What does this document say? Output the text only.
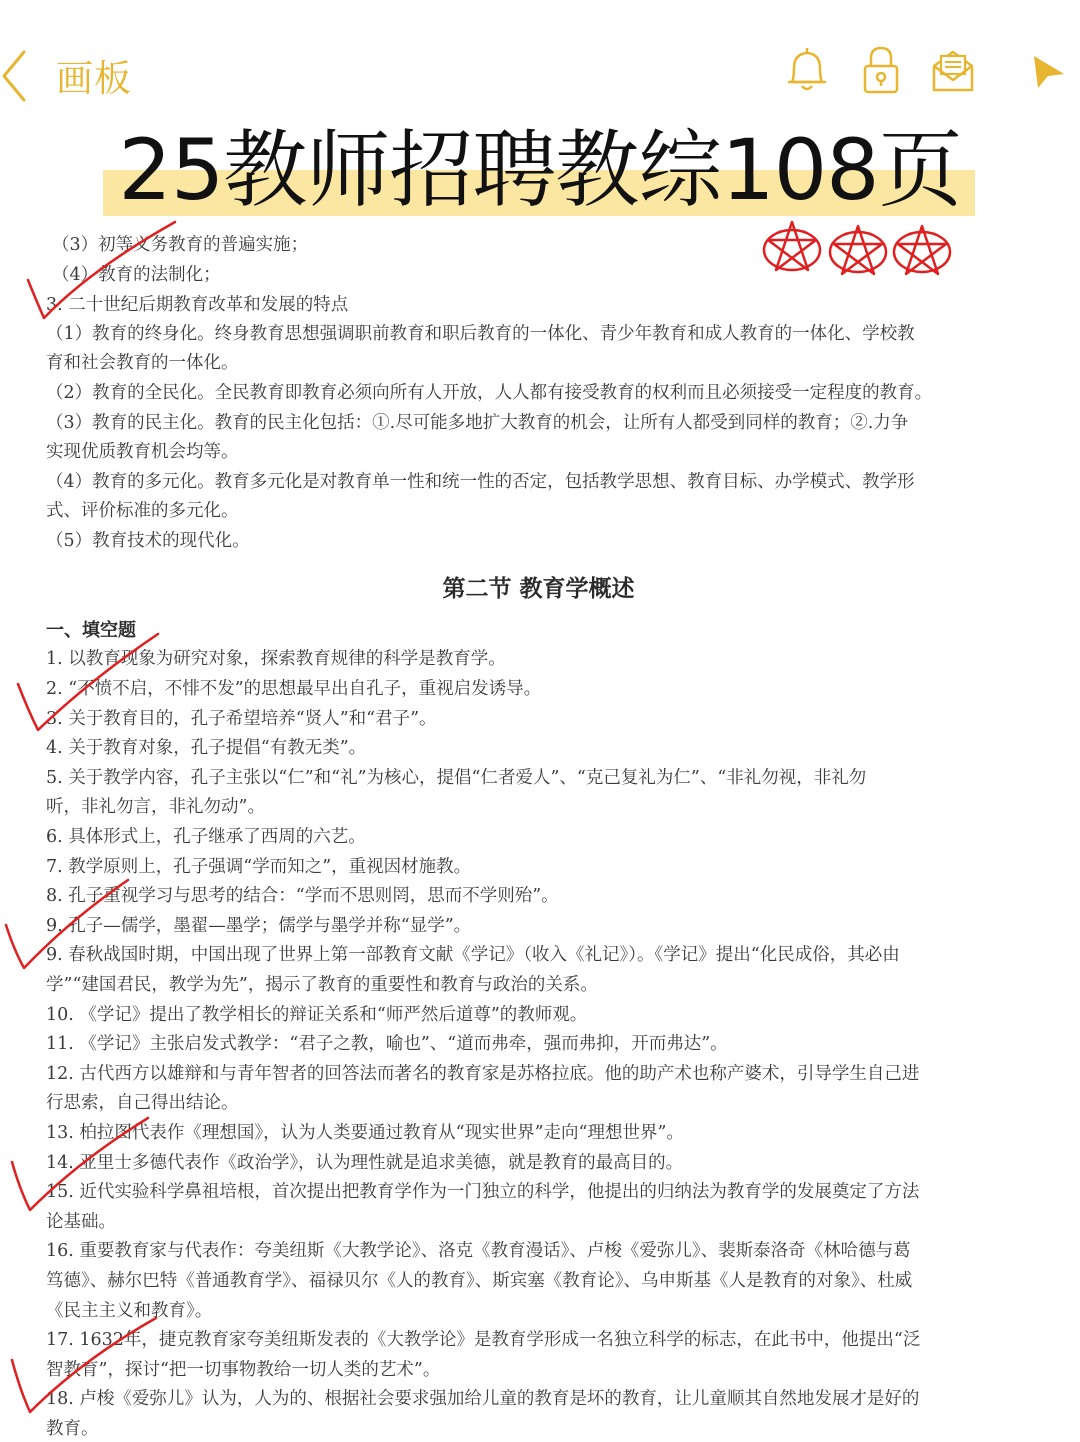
画板
25教师招聘教综108页
（3）初等义务教育的普遍实施；
（4）教育的法制化；
3. 二十世纪后期教育改革和发展的特点
（1）教育的终身化。终身教育思想强调职前教育和职后教育的一体化、青少年教育和成人教育的一体化、学校教
育和社会教育的一体化。
（2）教育的全民化。全民教育即教育必须向所有人开放，人人都有接受教育的权利而且必须接受一定程度的教育。
（3）教育的民主化。教育的民主化包括：①.尽可能多地扩大教育的机会，让所有人都受到同样的教育；②.力争
实现优质教育机会均等。
（4）教育的多元化。教育多元化是对教育单一性和统一性的否定，包括教学思想、教育目标、办学模式、教学形
式、评价标准的多元化。
（5）教育技术的现代化。
第二节 教育学概述
一、填空题
1. 以教育现象为研究对象，探索教育规律的科学是教育学。
2. “不愤不启，不悱不发”的思想最早出自孔子，重视启发诱导。
3. 关于教育目的，孔子希望培养“贤人”和“君子”。
4. 关于教育对象，孔子提倡“有教无类”。
5. 关于教学内容，孔子主张以“仁”和“礼”为核心，提倡“仁者爱人”、“克己复礼为仁”、“非礼勿视，非礼勿
听，非礼勿言，非礼勿动”。
6. 具体形式上，孔子继承了西周的六艺。
7. 教学原则上，孔子强调“学而知之”，重视因材施教。
8. 孔子重视学习与思考的结合：“学而不思则罔，思而不学则殆”。
9. 孔子—儒学，墨翟—墨学；儒学与墨学并称“显学”。
9. 春秋战国时期，中国出现了世界上第一部教育文献《学记》（收入《礼记》）。《学记》提出“化民成俗，其必由
学”“建国君民，教学为先”，揭示了教育的重要性和教育与政治的关系。
10. 《学记》提出了教学相长的辩证关系和“师严然后道尊”的教师观。
11. 《学记》主张启发式教学：“君子之教，喻也”、“道而弗牵，强而弗抑，开而弗达”。
12. 古代西方以雄辩和与青年智者的回答法而著名的教育家是苏格拉底。他的助产术也称产婆术，引导学生自己进
行思索，自己得出结论。
13. 柏拉图代表作《理想国》，认为人类要通过教育从“现实世界”走向“理想世界”。
14. 亚里士多德代表作《政治学》，认为理性就是追求美德，就是教育的最高目的。
15. 近代实验科学鼻祖培根，首次提出把教育学作为一门独立的科学，他提出的归纳法为教育学的发展奠定了方法
论基础。
16. 重要教育家与代表作：夸美纽斯《大教学论》、洛克《教育漫话》、卢梭《爱弥儿》、裴斯泰洛奇《林哈德与葛
笃德》、赫尔巴特《普通教育学》、福禄贝尔《人的教育》、斯宾塞《教育论》、乌申斯基《人是教育的对象》、杜威
《民主主义和教育》。
17. 1632年，捷克教育家夸美纽斯发表的《大教学论》是教育学形成一名独立科学的标志，在此书中，他提出“泛
智教育”，探讨“把一切事物教给一切人类的艺术”。
18. 卢梭《爱弥儿》认为，人为的、根据社会要求强加给儿童的教育是坏的教育，让儿童顺其自然地发展才是好的
教育。
